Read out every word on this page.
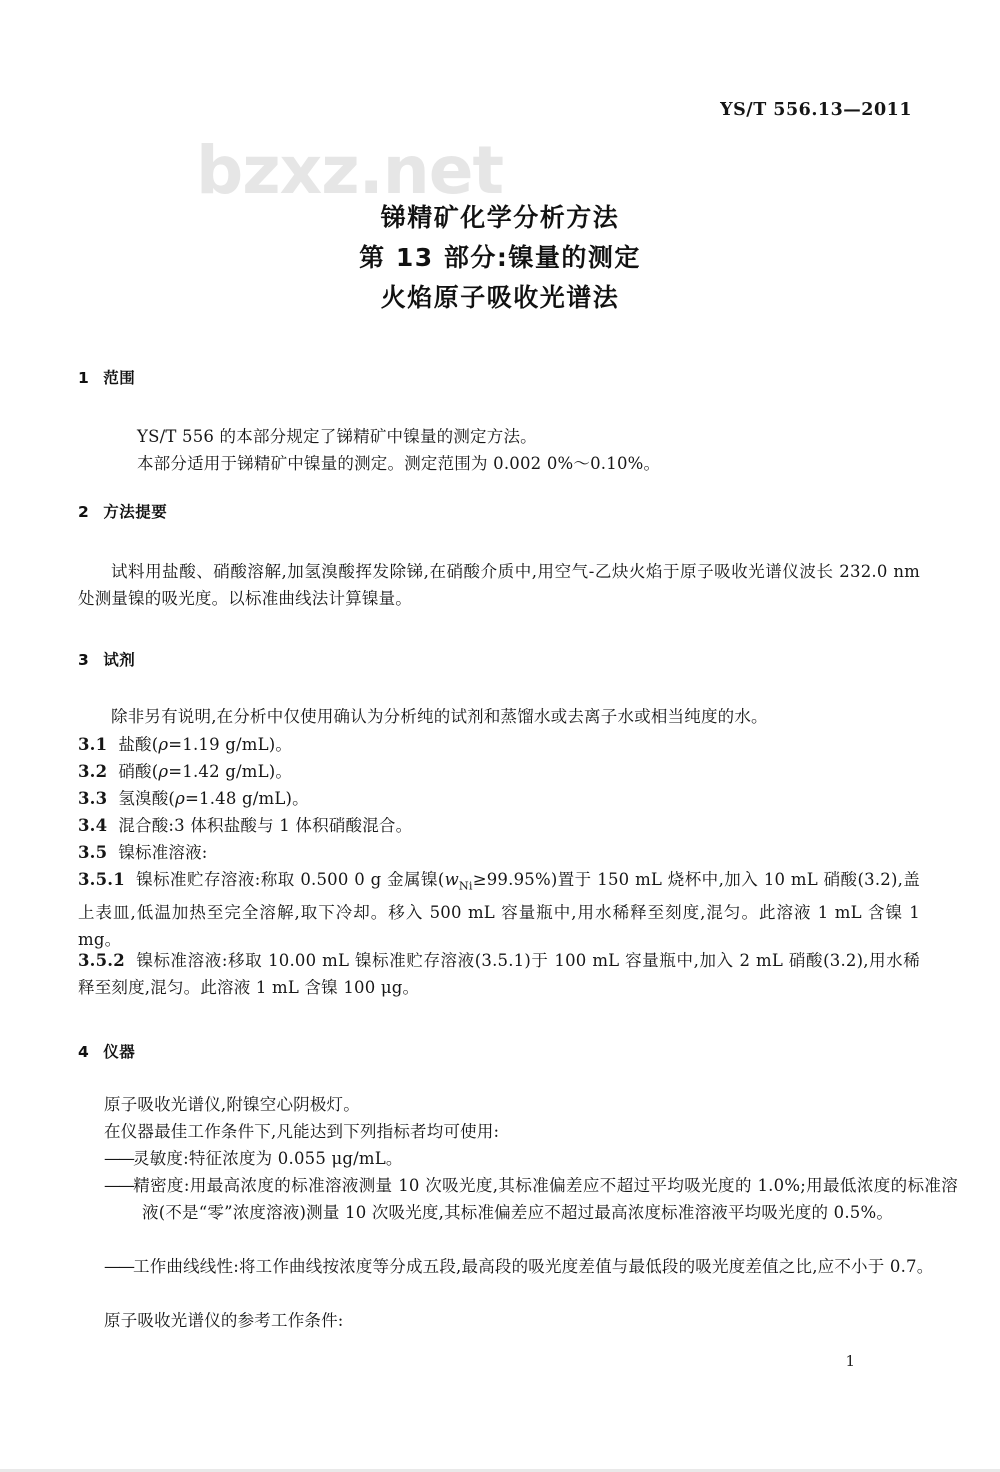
YS/T 556.13—2011
bzxz.net
锑精矿化学分析方法
第 13 部分:镍量的测定
火焰原子吸收光谱法
1 范围
YS/T 556 的本部分规定了锑精矿中镍量的测定方法。
本部分适用于锑精矿中镍量的测定。测定范围为 0.002 0%～0.10%。
2 方法提要
试料用盐酸、硝酸溶解,加氢溴酸挥发除锑,在硝酸介质中,用空气-乙炔火焰于原子吸收光谱仪波长 232.0 nm 处测量镍的吸光度。以标准曲线法计算镍量。
3 试剂
除非另有说明,在分析中仅使用确认为分析纯的试剂和蒸馏水或去离子水或相当纯度的水。
3.1 盐酸(ρ=1.19 g/mL)。
3.2 硝酸(ρ=1.42 g/mL)。
3.3 氢溴酸(ρ=1.48 g/mL)。
3.4 混合酸:3 体积盐酸与 1 体积硝酸混合。
3.5 镍标准溶液:
3.5.1 镍标准贮存溶液:称取 0.500 0 g 金属镍$(w_{Ni}\ge 99.95\%)$置于 150 mL 烧杯中,加入 10 mL 硝酸(3.2),盖上表皿,低温加热至完全溶解,取下冷却。移入 500 mL 容量瓶中,用水稀释至刻度,混匀。此溶液 1 mL 含镍 1 mg。
3.5.2 镍标准溶液:移取 10.00 mL 镍标准贮存溶液(3.5.1)于 100 mL 容量瓶中,加入 2 mL 硝酸(3.2),用水稀释至刻度,混匀。此溶液 1 mL 含镍 100 μg。
4 仪器
原子吸收光谱仪,附镍空心阴极灯。
在仪器最佳工作条件下,凡能达到下列指标者均可使用:
——灵敏度:特征浓度为 0.055 μg/mL。
——精密度:用最高浓度的标准溶液测量 10 次吸光度,其标准偏差应不超过平均吸光度的 1.0%;用最低浓度的标准溶液(不是“零”浓度溶液)测量 10 次吸光度,其标准偏差应不超过最高浓度标准溶液平均吸光度的 0.5%。
——工作曲线线性:将工作曲线按浓度等分成五段,最高段的吸光度差值与最低段的吸光度差值之比,应不小于 0.7。
原子吸收光谱仪的参考工作条件:
1
